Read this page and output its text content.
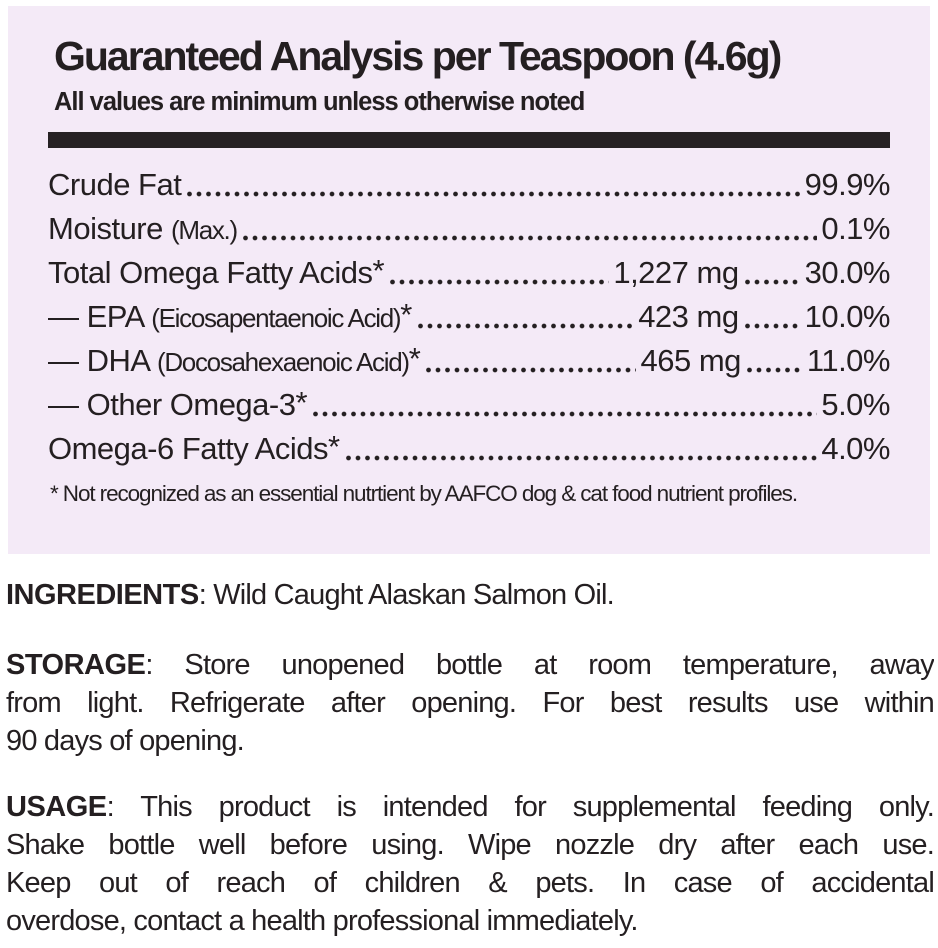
Guaranteed Analysis per Teaspoon (4.6g)
All values are minimum unless otherwise noted
Crude Fat	99.9%
Moisture (Max.)	0.1%
Total Omega Fatty Acids*	1,227 mg 30.0%
— EPA (Eicosapentaenoic Acid)*	423 mg 10.0%
— DHA (Docosahexaenoic Acid)*	465 mg 11.0%
— Other Omega-3*	5.0%
Omega-6 Fatty Acids*	4.0%
* Not recognized as an essential nutrtient by AAFCO dog & cat food nutrient profiles.

INGREDIENTS: Wild Caught Alaskan Salmon Oil.

STORAGE: Store unopened bottle at room temperature, away
from light. Refrigerate after opening. For best results use within
90 days of opening.
USAGE: This product is intended for supplemental feeding only.
Shake bottle well before using. Wipe nozzle dry after each use.
Keep out of reach of children & pets. In case of accidental
overdose, contact a health professional immediately.
